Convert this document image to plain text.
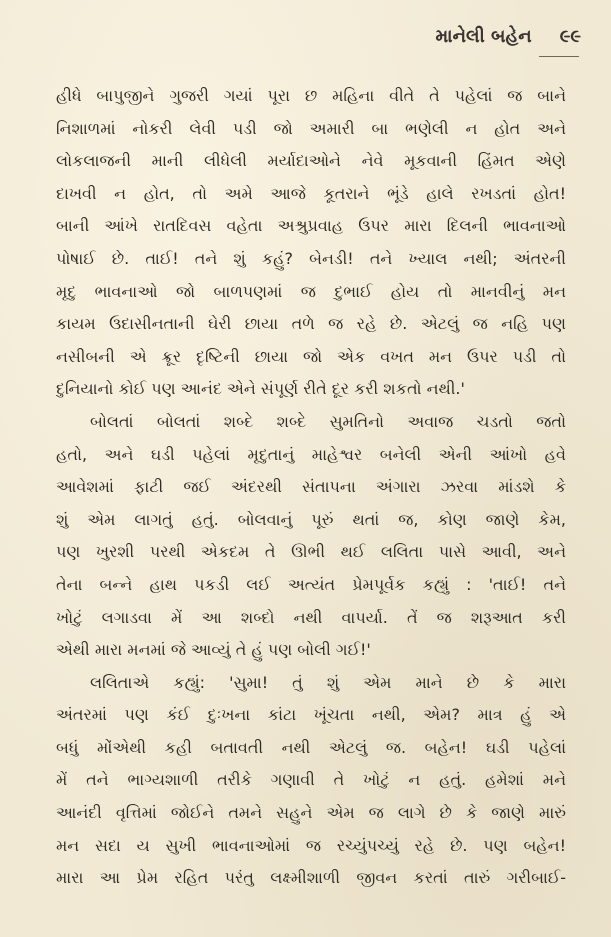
માનેલી બહેન ૯૯
હીધે બાપુજીને ગુજરી ગયાં પૂરા છ મહિના વીતે તે પહેલાં જ બાને
નિશાળમાં નોકરી લેવી પડી જો અમારી બા ભણેલી ન હોત અને
લોકલાજની માની લીધેલી મર્યાદાઓને નેવે મૂકવાની હિંમત એણે
દાખવી ન હોત, તો અમે આજે કૂતરાને ભૂંડે હાલે રખડતાં હોત!
બાની આંખે રાતદિવસ વહેતા અશ્રુપ્રવાહ ઉપર મારા દિલની ભાવનાઓ
પોષાઈ છે. તાઈ! તને શું કહું? બેનડી! તને ખ્યાલ નથી; અંતરની
મૃદુ ભાવનાઓ જો બાળપણમાં જ દુભાઈ હોય તો માનવીનું મન
કાયમ ઉદાસીનતાની ઘેરી છાયા તળે જ રહે છે. એટલું જ નહિ પણ
નસીબની એ ક્રૂર દૃષ્ટિની છાયા જો એક વખત મન ઉપર પડી તો
દુનિયાનો કોઈ પણ આનંદ એને સંપૂર્ણ રીતે દૂર કરી શકતો નથી.'
બોલતાં બોલતાં શબ્દે શબ્દે સુમતિનો અવાજ ચડતો જતો
હતો, અને ઘડી પહેલાં મૃદુતાનું માહેશ્વર બનેલી એની આંખો હવે
આવેશમાં ફાટી જઈ અંદરથી સંતાપના અંગારા ઝરવા માંડશે કે
શું એમ લાગતું હતું. બોલવાનું પૂરું થતાં જ, કોણ જાણે કેમ,
પણ ખુરશી પરથી એકદમ તે ઊભી થઈ લલિતા પાસે આવી, અને
તેના બન્ને હાથ પકડી લઈ અત્યંત પ્રેમપૂર્વક કહ્યું : 'તાઈ! તને
ખોટું લગાડવા મેં આ શબ્દો નથી વાપર્યા. તેં જ શરૂઆત કરી
એથી મારા મનમાં જે આવ્યું તે હું પણ બોલી ગઈ!'
લલિતાએ કહ્યું: 'સુમા! તું શું એમ માને છે કે મારા
અંતરમાં પણ કંઈ દુઃખના કાંટા ખૂંચતા નથી, એમ? માત્ર હું એ
બધું મોંએથી કહી બતાવતી નથી એટલું જ. બહેન! ઘડી પહેલાં
મેં તને ભાગ્યશાળી તરીકે ગણાવી તે ખોટું ન હતું. હમેશાં મને
આનંદી વૃત્તિમાં જોઈને તમને સહુને એમ જ લાગે છે કે જાણે મારું
મન સદા ય સુખી ભાવનાઓમાં જ રચ્યુંપચ્યું રહે છે. પણ બહેન!
મારા આ પ્રેમ રહિત પરંતુ લક્ષ્મીશાળી જીવન કરતાં તારું ગરીબાઈ-
